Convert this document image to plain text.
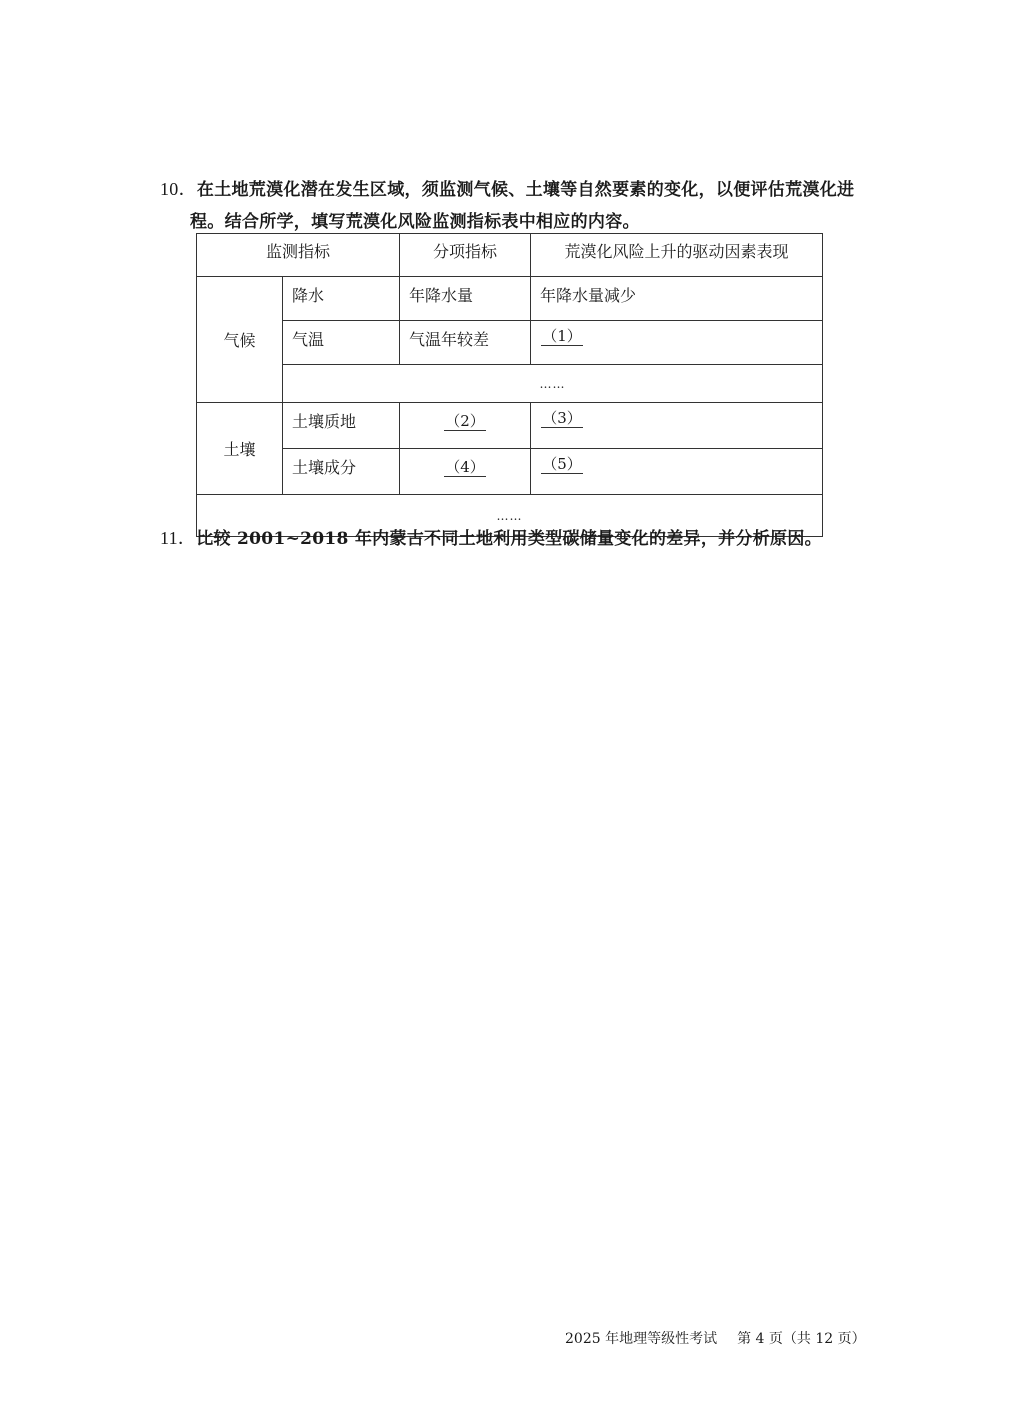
10．在土地荒漠化潜在发生区域，须监测气候、土壤等自然要素的变化，以便评估荒漠化进
程。结合所学，填写荒漠化风险监测指标表中相应的内容。
监测指标		分项指标	荒漠化风险上升的驱动因素表现
气候	降水	年降水量	年降水量减少
	气温	气温年较差	（1）
	……		
土壤	土壤质地	（2）	（3）
	土壤成分	（4）	（5）
……			
11．比较 2001~2018 年内蒙古不同土地利用类型碳储量变化的差异，并分析原因。
2025 年地理等级性考试 第 4 页（共 12 页）
